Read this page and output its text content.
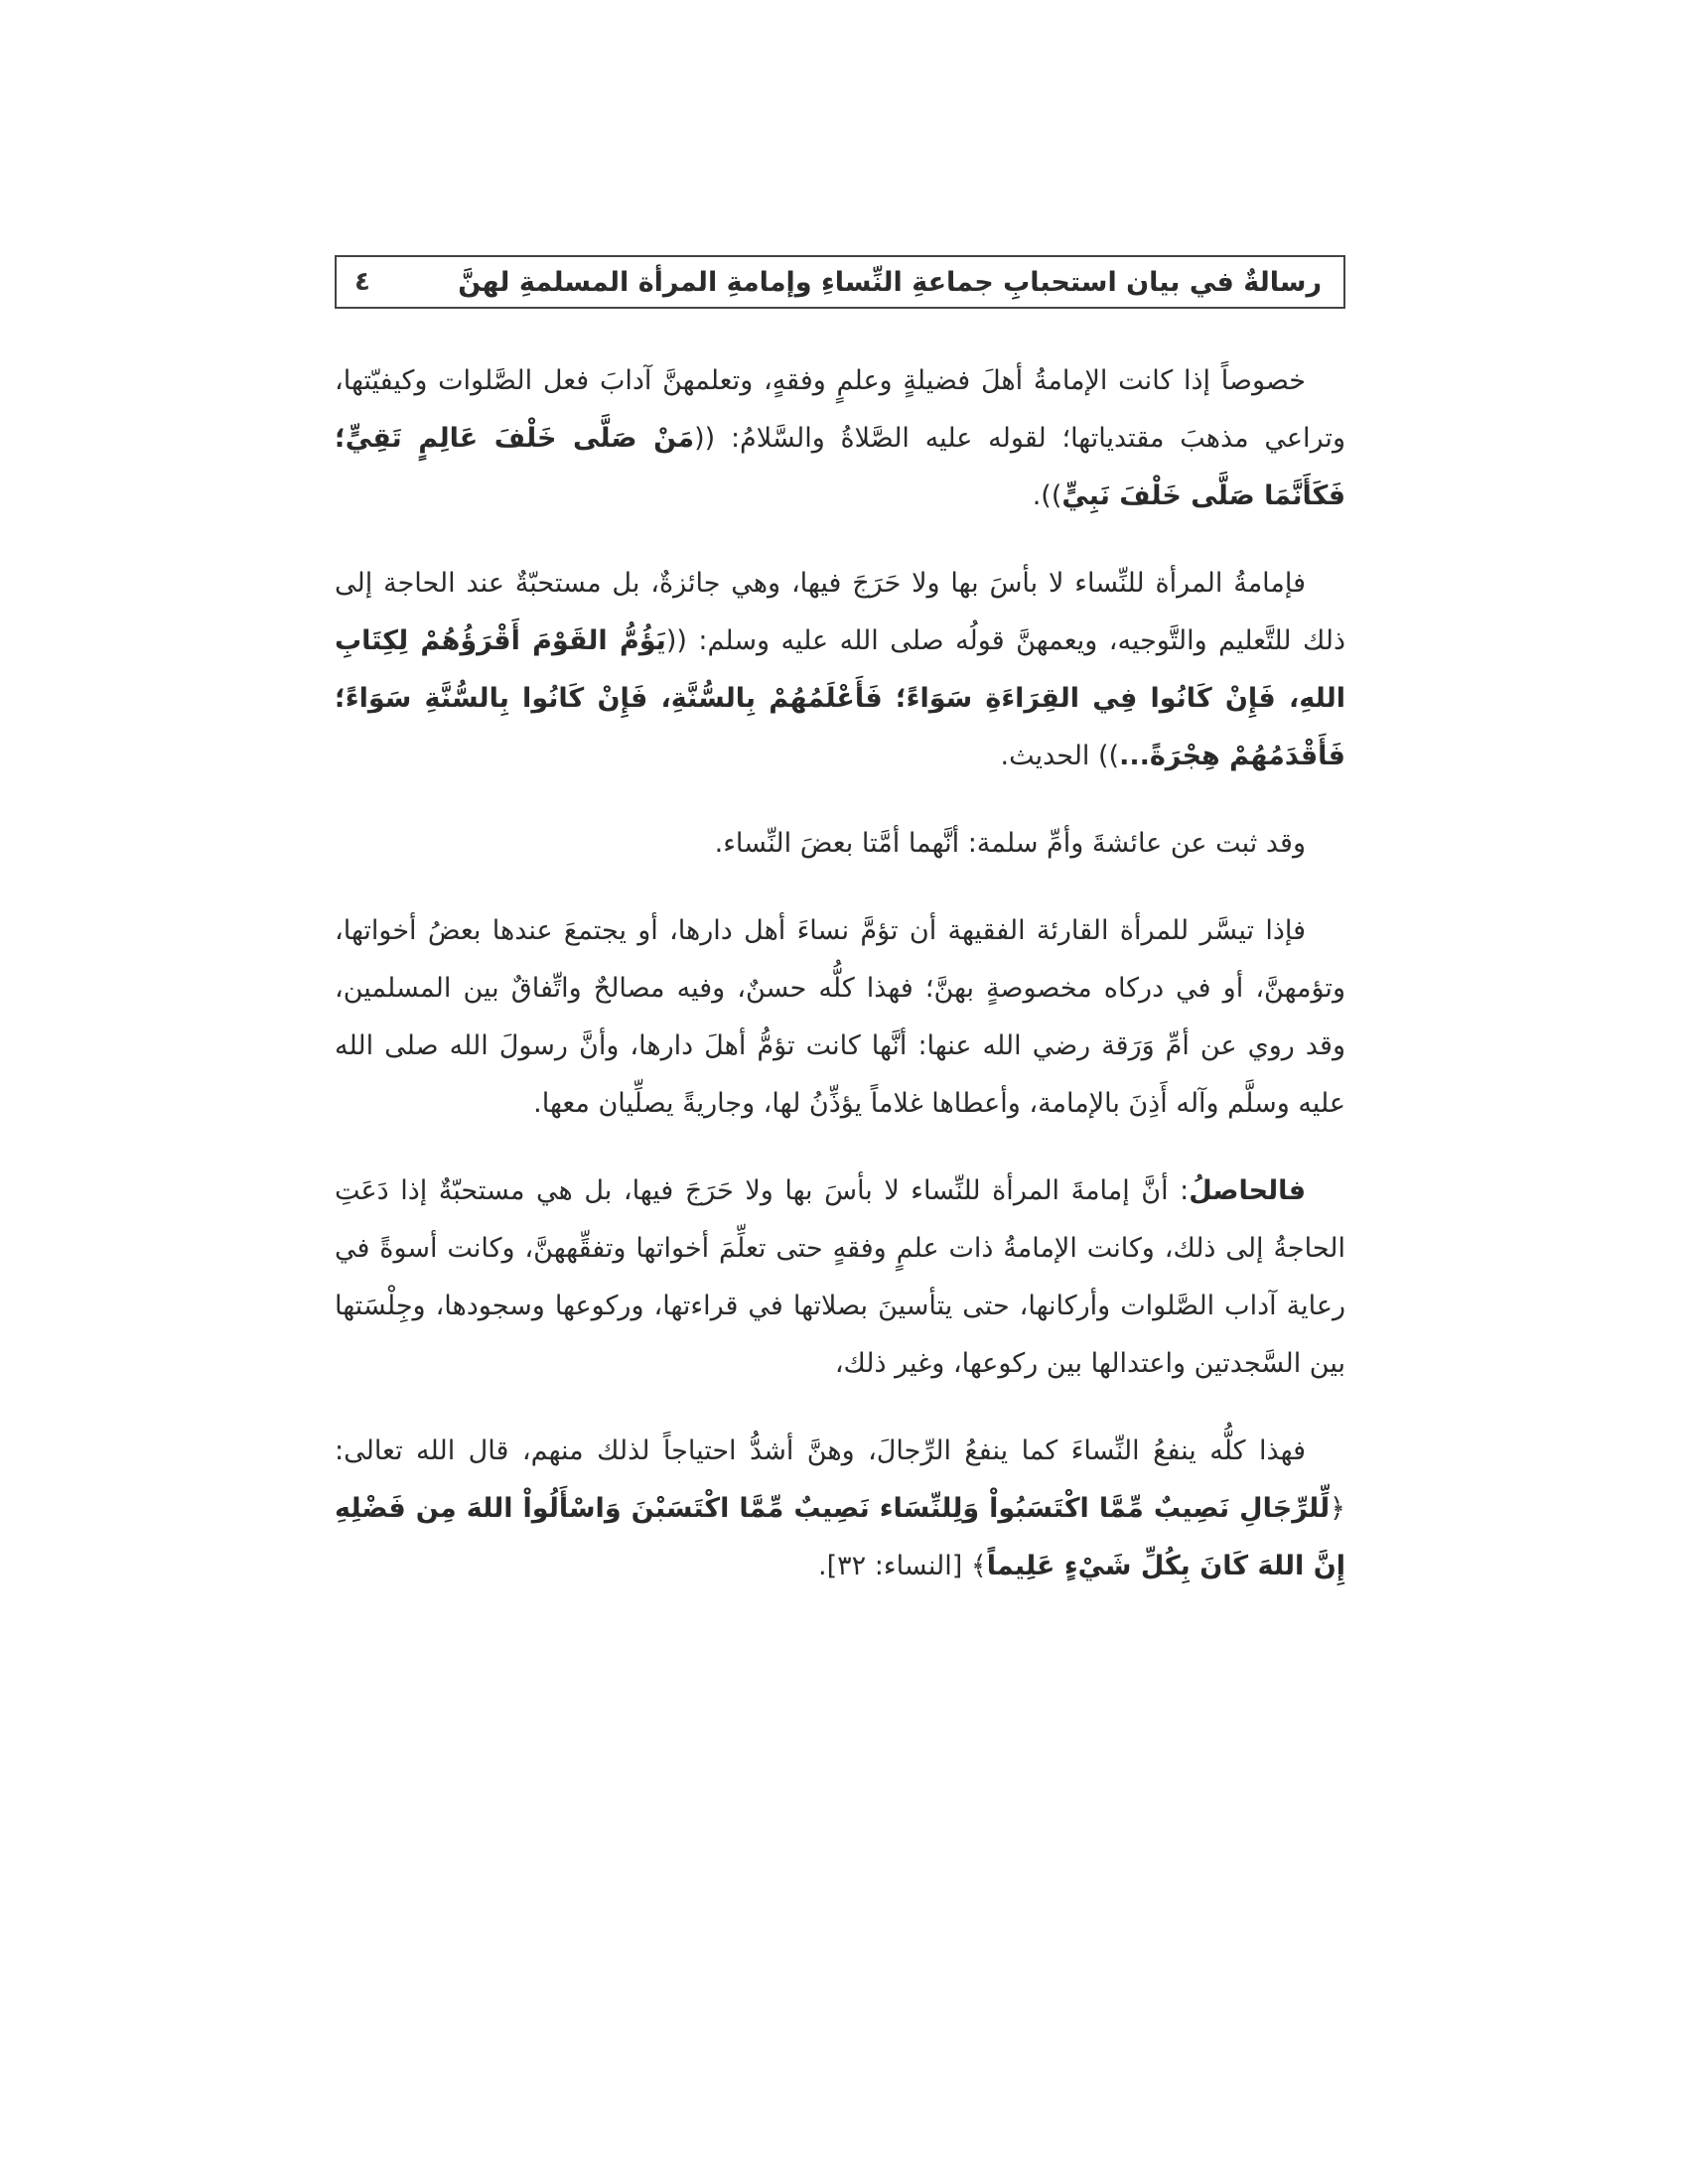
رسالةٌ في بيان استحبابِ جماعةِ النِّساءِ وإمامةِ المرأة المسلمةِ لهنَّ
٤

خصوصاً إذا كانت الإمامةُ أهلَ فضيلةٍ وعلمٍ وفقهٍ، وتعلمهنَّ آدابَ فعل الصَّلوات وكيفيّتها، وتراعي مذهبَ مقتدياتها؛ لقوله عليه الصَّلاةُ والسَّلامُ: ((مَنْ صَلَّى خَلْفَ عَالِمٍ تَقِيٍّ؛ فَكَأَنَّمَا صَلَّى خَلْفَ نَبِيٍّ)).

فإمامةُ المرأة للنِّساء لا بأسَ بها ولا حَرَجَ فيها، وهي جائزةٌ، بل مستحبّةٌ عند الحاجة إلى ذلك للتَّعليم والتَّوجيه، ويعمهنَّ قولُه صلى الله عليه وسلم: ((يَؤُمُّ القَوْمَ أَقْرَؤُهُمْ لِكِتَابِ اللهِ، فَإِنْ كَانُوا فِي القِرَاءَةِ سَوَاءً؛ فَأَعْلَمُهُمْ بِالسُّنَّةِ، فَإِنْ كَانُوا بِالسُّنَّةِ سَوَاءً؛ فَأَقْدَمُهُمْ هِجْرَةً...)) الحديث.

وقد ثبت عن عائشةَ وأمِّ سلمة: أنَّهما أمَّتا بعضَ النِّساء.

فإذا تيسَّر للمرأة القارئة الفقيهة أن تؤمَّ نساءَ أهل دارها، أو يجتمعَ عندها بعضُ أخواتها، وتؤمهنَّ، أو في دركاه مخصوصةٍ بهنَّ؛ فهذا كلُّه حسنٌ، وفيه مصالحٌ واتِّفاقٌ بين المسلمين، وقد روي عن أمِّ وَرَقة رضي الله عنها: أنَّها كانت تؤمُّ أهلَ دارها، وأنَّ رسولَ الله صلى الله عليه وسلَّم وآله أَذِنَ بالإمامة، وأعطاها غلاماً يؤذِّنُ لها، وجاريةً يصلِّيان معها.

فالحاصلُ: أنَّ إمامةَ المرأة للنِّساء لا بأسَ بها ولا حَرَجَ فيها، بل هي مستحبّةٌ إذا دَعَتِ الحاجةُ إلى ذلك، وكانت الإمامةُ ذات علمٍ وفقهٍ حتى تعلِّمَ أخواتها وتفقِّههنَّ، وكانت أسوةً في رعاية آداب الصَّلوات وأركانها، حتى يتأسينَ بصلاتها في قراءتها، وركوعها وسجودها، وجِلْسَتها بين السَّجدتين واعتدالها بين ركوعها، وغير ذلك،

فهذا كلُّه ينفعُ النِّساءَ كما ينفعُ الرِّجالَ، وهنَّ أشدُّ احتياجاً لذلك منهم، قال الله تعالى: ﴿لِّلرِّجَالِ نَصِيبٌ مِّمَّا اكْتَسَبُواْ وَلِلنِّسَاء نَصِيبٌ مِّمَّا اكْتَسَبْنَ وَاسْأَلُواْ اللهَ مِن فَضْلِهِ إِنَّ اللهَ كَانَ بِكُلِّ شَيْءٍ عَلِيماً﴾ [النساء: ٣٢].
